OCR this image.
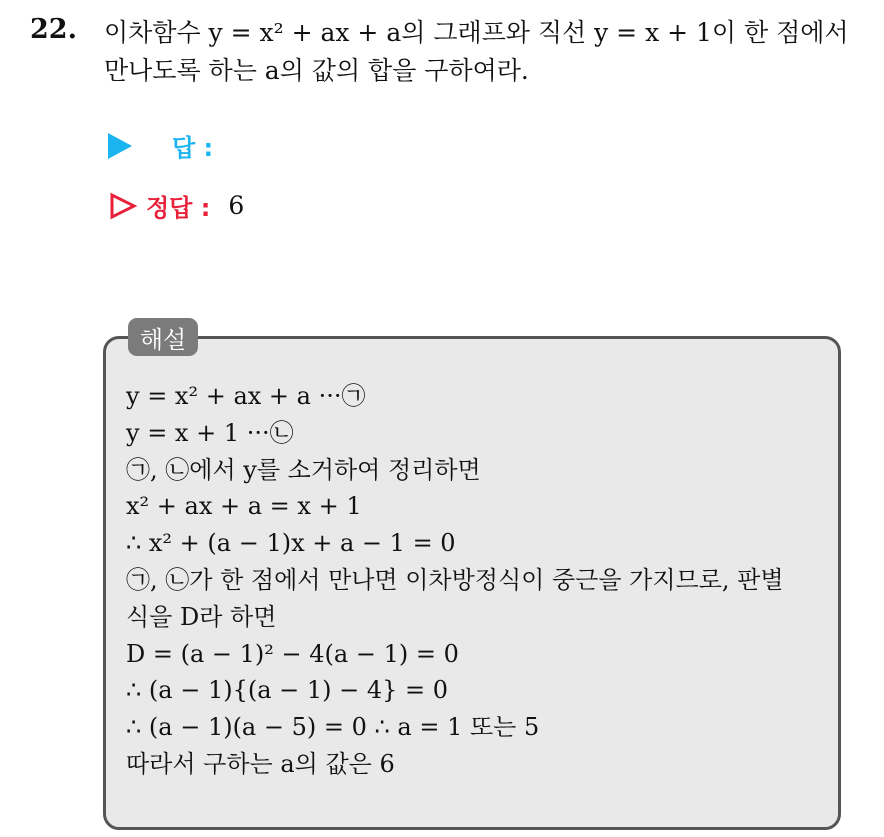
22. 이차함수 y = x² + ax + a의 그래프와 직선 y = x + 1이 한 점에서
만나도록 하는 a의 값의 합을 구하여라.
답 :
정답 : 6
해설
y = x² + ax + a ···㉠
y = x + 1 ···㉡
㉠, ㉡에서 y를 소거하여 정리하면
x² + ax + a = x + 1
∴ x² + (a − 1)x + a − 1 = 0
㉠, ㉡가 한 점에서 만나면 이차방정식이 중근을 가지므로, 판별
식을 D라 하면
D = (a − 1)² − 4(a − 1) = 0
∴ (a − 1){(a − 1) − 4} = 0
∴ (a − 1)(a − 5) = 0 ∴ a = 1 또는 5
따라서 구하는 a의 값은 6
